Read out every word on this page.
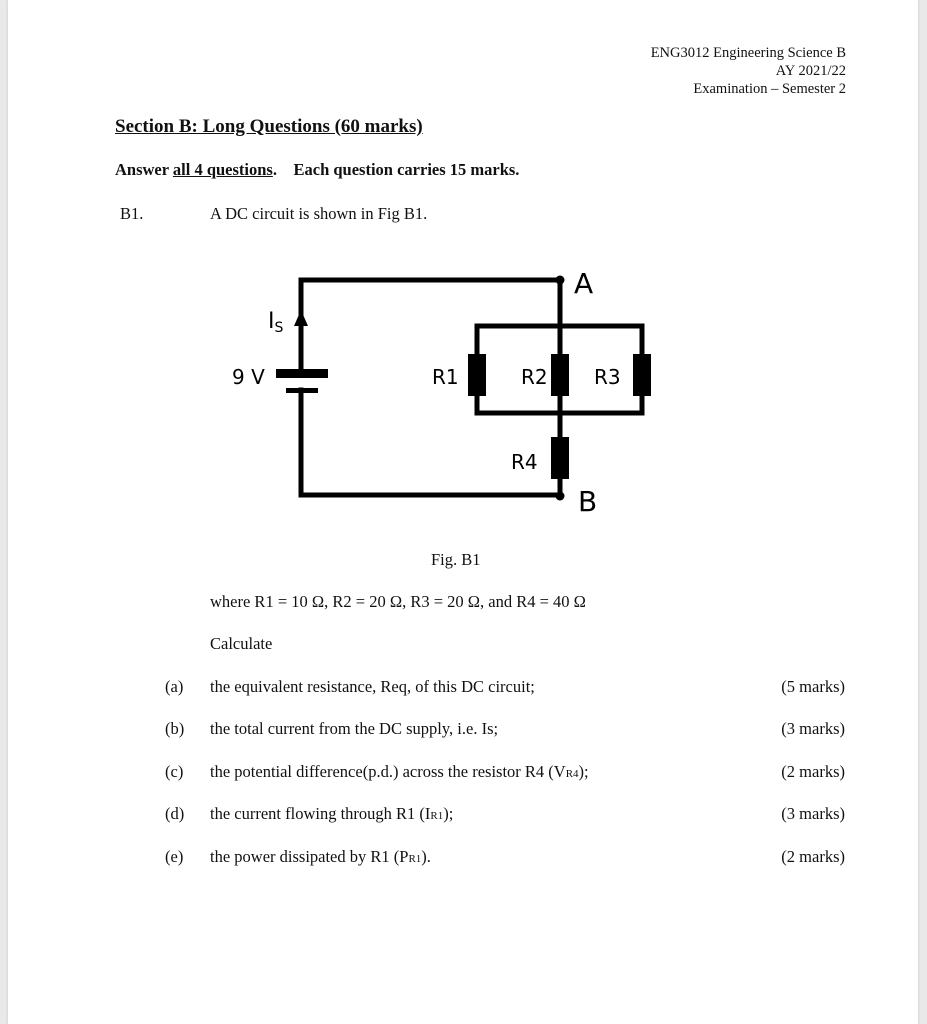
ENG3012 Engineering Science B
AY 2021/22
Examination – Semester 2
Section B: Long Questions (60 marks)
Answer all 4 questions.    Each question carries 15 marks.
B1.	A DC circuit is shown in Fig B1.
A
B
9 V
IS
R1	R2 R3
R4
Fig. B1
where R1 = 10 Ω, R2 = 20 Ω, R3 = 20 Ω, and R4 = 40 Ω
Calculate
(a) the equivalent resistance, Req, of this DC circuit;	(5 marks)
(b) the total current from the DC supply, i.e. Is;	(3 marks)
(c) the potential difference(p.d.) across the resistor R4 (VR4);	(2 marks)
(d) the current flowing through R1 (IR1);	(3 marks)
(e) the power dissipated by R1 (PR1).	(2 marks)
